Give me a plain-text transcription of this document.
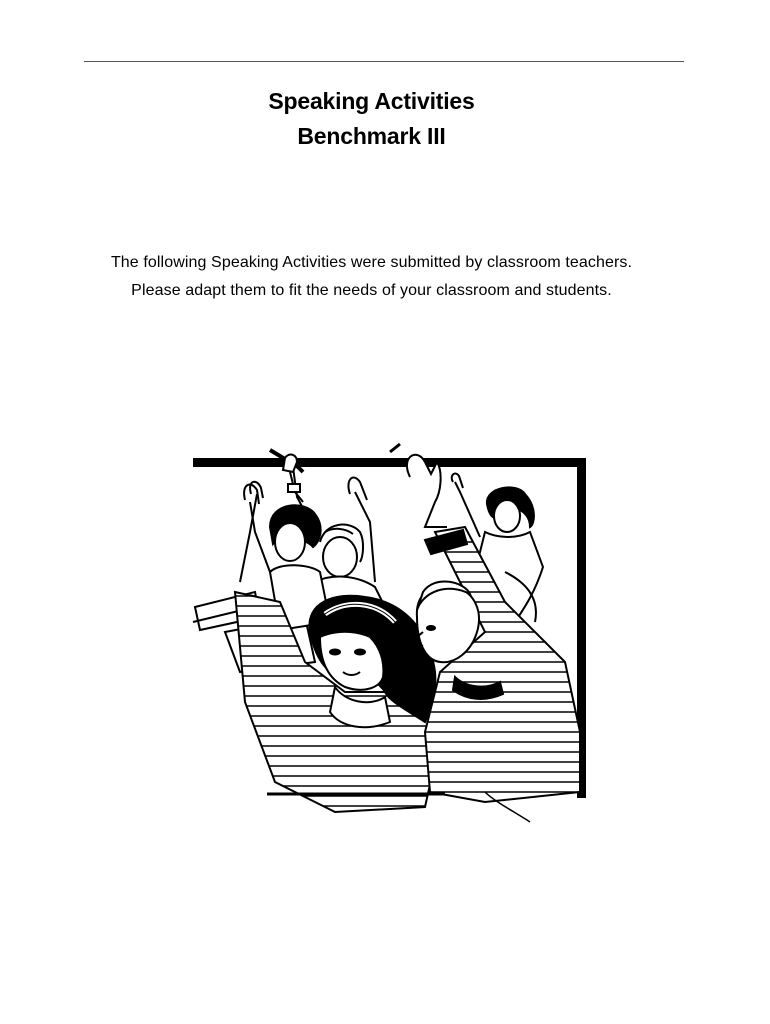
Speaking Activities
Benchmark III
The following Speaking Activities were submitted by classroom teachers.
Please adapt them to fit the needs of your classroom and students.
